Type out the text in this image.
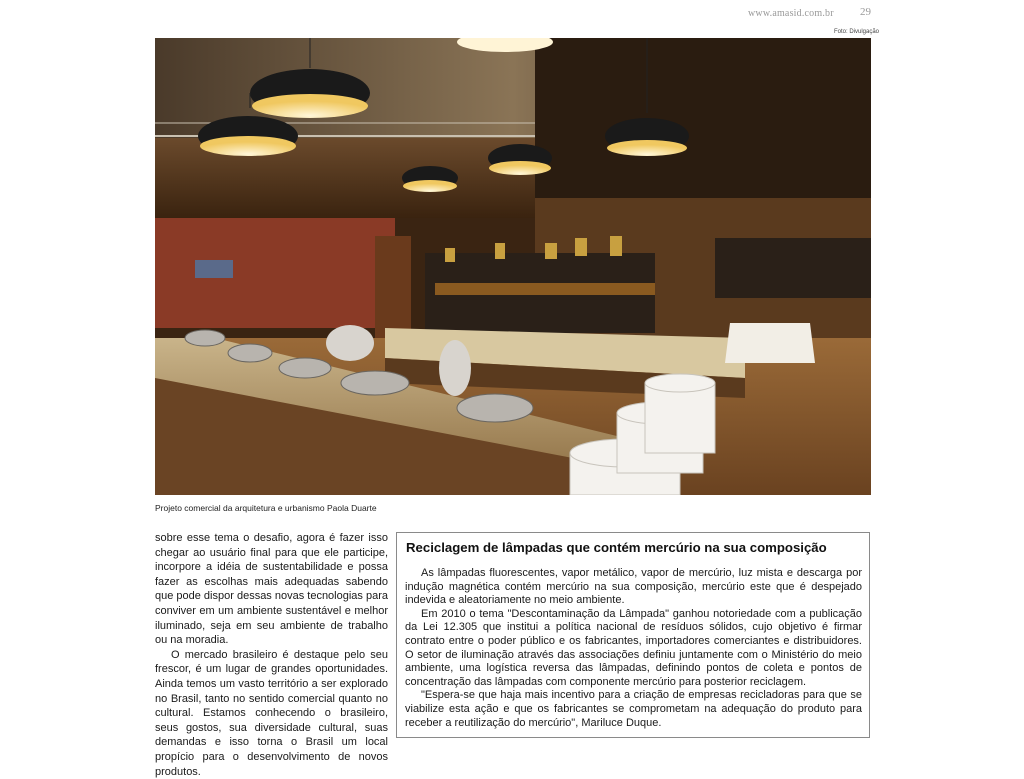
www.amasid.com.br 29
Foto: Divulgação
Projeto comercial da arquitetura e urbanismo Paola Duarte

sobre esse tema o desafio, agora é fazer isso chegar ao usuário final para que ele participe, incorpore a idéia de sustentabilidade e possa fazer as escolhas mais adequadas sabendo que pode dispor dessas novas tecnologias para conviver em um ambiente sustentável e melhor iluminado, seja em seu ambiente de trabalho ou na moradia.

O mercado brasileiro é destaque pelo seu frescor, é um lugar de grandes oportunidades. Ainda temos um vasto território a ser explorado no Brasil, tanto no sentido comercial quanto no cultural. Estamos conhecendo o brasileiro, seus gostos, sua diversidade cultural, suas demandas e isso torna o Brasil um local propício para o desenvolvimento de novos produtos.

Reciclagem de lâmpadas que contém mercúrio na sua composição

As lâmpadas fluorescentes, vapor metálico, vapor de mercúrio, luz mista e descarga por indução magnética contém mercúrio na sua composição, mercúrio este que é despejado indevida e aleatoriamente no meio ambiente.

Em 2010 o tema "Descontaminação da Lâmpada" ganhou notoriedade com a publicação da Lei 12.305 que institui a política nacional de resíduos sólidos, cujo objetivo é firmar contrato entre o poder público e os fabricantes, importadores comerciantes e distribuidores. O setor de iluminação através das associações definiu juntamente com o Ministério do meio ambiente, uma logística reversa das lâmpadas, definindo pontos de coleta e pontos de concentração das lâmpadas com componente mercúrio para posterior reciclagem.

"Espera-se que haja mais incentivo para a criação de empresas recicladoras para que se viabilize esta ação e que os fabricantes se comprometam na adequação do produto para receber a reutilização do mercúrio", Mariluce Duque.
